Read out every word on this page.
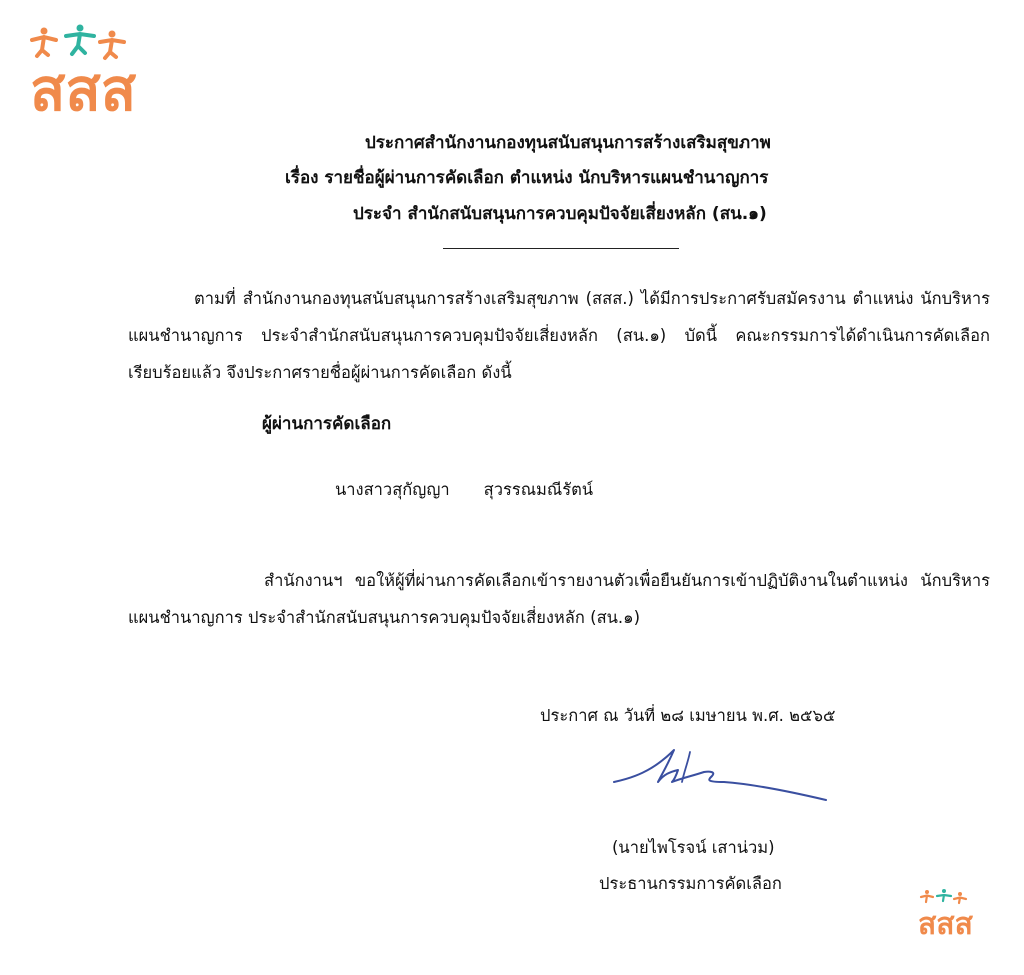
สสส
ประกาศสำนักงานกองทุนสนับสนุนการสร้างเสริมสุขภาพ
เรื่อง รายชื่อผู้ผ่านการคัดเลือก ตำแหน่ง นักบริหารแผนชำนาญการ
ประจำ สำนักสนับสนุนการควบคุมปัจจัยเสี่ยงหลัก (สน.๑)
ตามที่ สำนักงานกองทุนสนับสนุนการสร้างเสริมสุขภาพ (สสส.) ได้มีการประกาศรับสมัครงาน ตำแหน่ง นักบริหารแผนชำนาญการ ประจำสำนักสนับสนุนการควบคุมปัจจัยเสี่ยงหลัก (สน.๑) บัดนี้ คณะกรรมการได้ดำเนินการคัดเลือกเรียบร้อยแล้ว จึงประกาศรายชื่อผู้ผ่านการคัดเลือก ดังนี้
ผู้ผ่านการคัดเลือก
นางสาวสุกัญญา สุวรรณมณีรัตน์
สำนักงานฯ ขอให้ผู้ที่ผ่านการคัดเลือกเข้ารายงานตัวเพื่อยืนยันการเข้าปฏิบัติงานในตำแหน่ง นักบริหารแผนชำนาญการ ประจำสำนักสนับสนุนการควบคุมปัจจัยเสี่ยงหลัก (สน.๑)
ประกาศ ณ วันที่ ๒๘ เมษายน พ.ศ. ๒๕๖๕
(นายไพโรจน์ เสาน่วม)
ประธานกรรมการคัดเลือก
สสส
